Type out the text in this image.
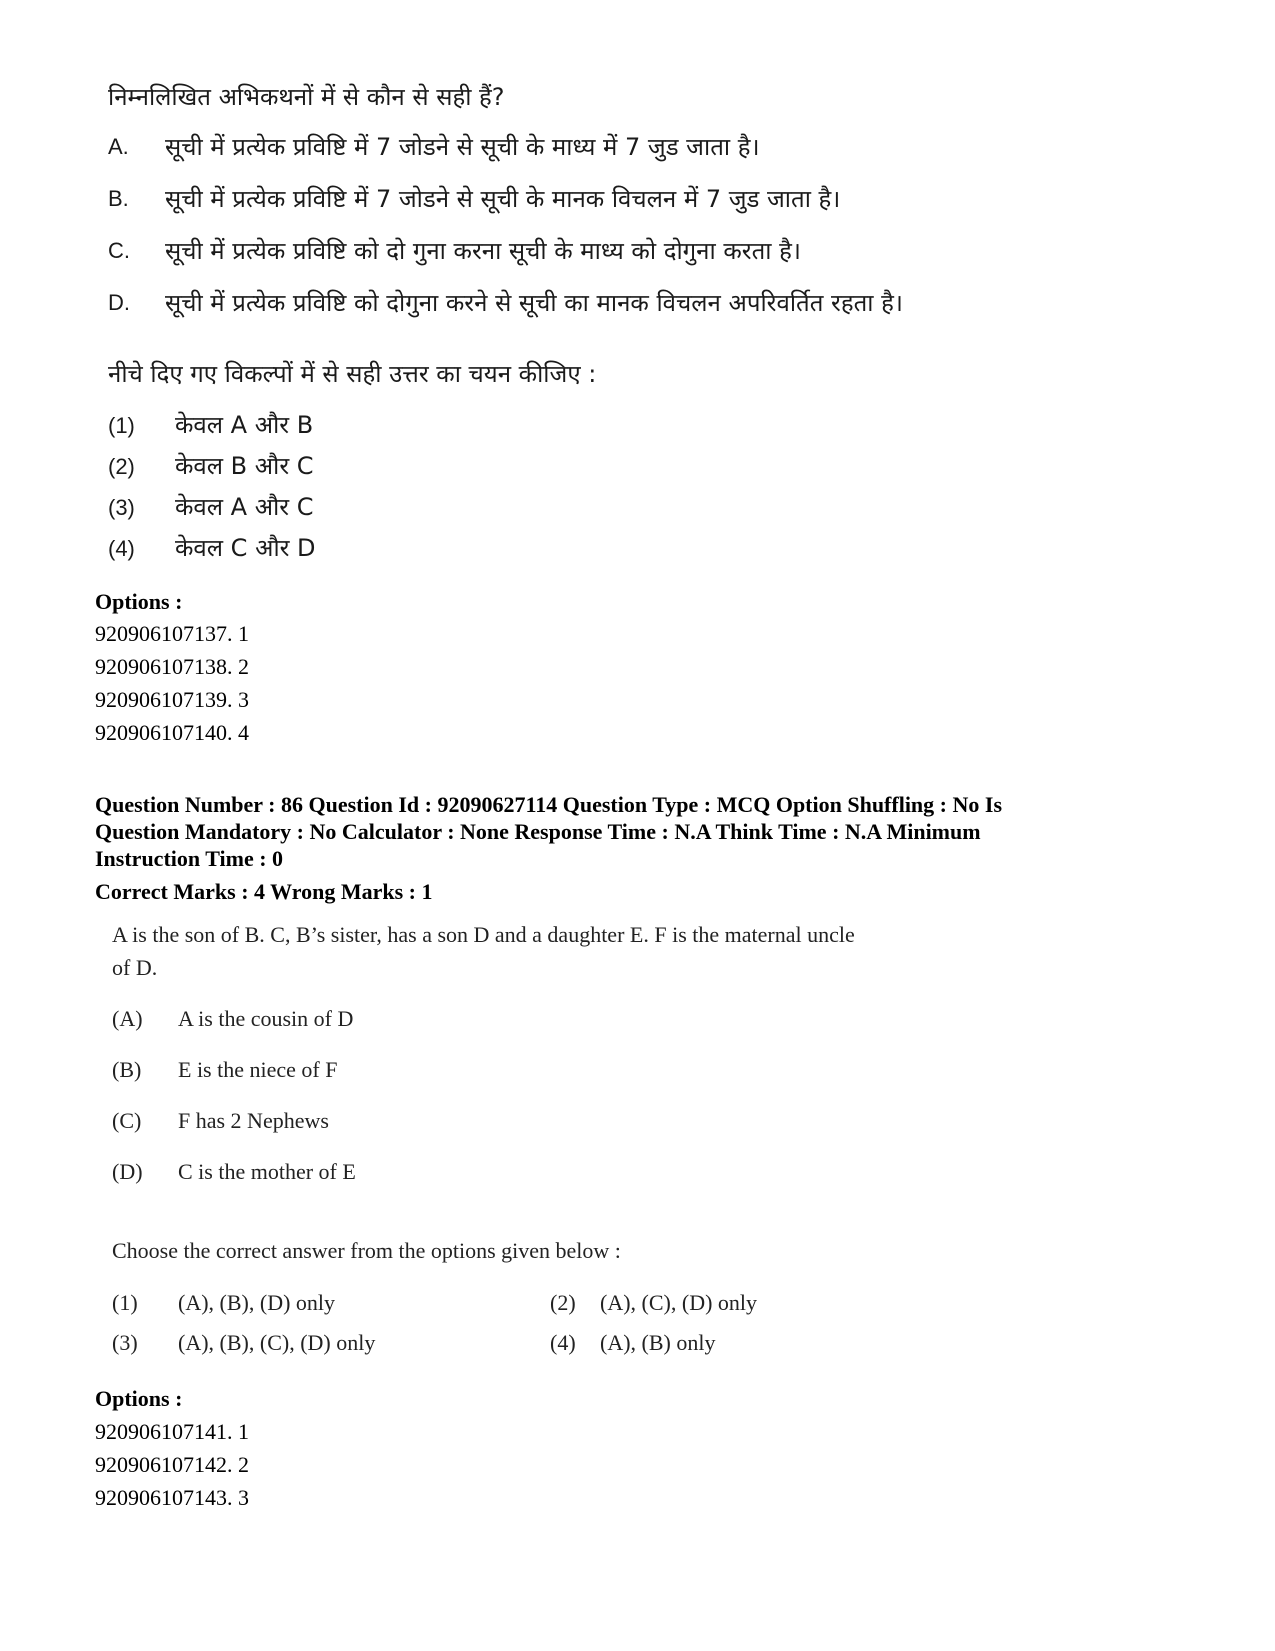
निम्नलिखित अभिकथनों में से कौन से सही हैं?
A. सूची में प्रत्येक प्रविष्टि में 7 जोडने से सूची के माध्य में 7 जुड जाता है।
B. सूची में प्रत्येक प्रविष्टि में 7 जोडने से सूची के मानक विचलन में 7 जुड जाता है।
C. सूची में प्रत्येक प्रविष्टि को दो गुना करना सूची के माध्य को दोगुना करता है।
D. सूची में प्रत्येक प्रविष्टि को दोगुना करने से सूची का मानक विचलन अपरिवर्तित रहता है।
नीचे दिए गए विकल्पों में से सही उत्तर का चयन कीजिए :
(1) केवल A और B
(2) केवल B और C
(3) केवल A और C
(4) केवल C और D
Options :
920906107137. 1
920906107138. 2
920906107139. 3
920906107140. 4
Question Number : 86 Question Id : 92090627114 Question Type : MCQ Option Shuffling : No Is
Question Mandatory : No Calculator : None Response Time : N.A Think Time : N.A Minimum
Instruction Time : 0
Correct Marks : 4 Wrong Marks : 1
A is the son of B. C, B’s sister, has a son D and a daughter E. F is the maternal uncle
of D.
(A) A is the cousin of D
(B) E is the niece of F
(C) F has 2 Nephews
(D) C is the mother of E
Choose the correct answer from the options given below :
(1) (A), (B), (D) only	(2) (A), (C), (D) only
(3) (A), (B), (C), (D) only	(4) (A), (B) only
Options :
920906107141. 1
920906107142. 2
920906107143. 3
